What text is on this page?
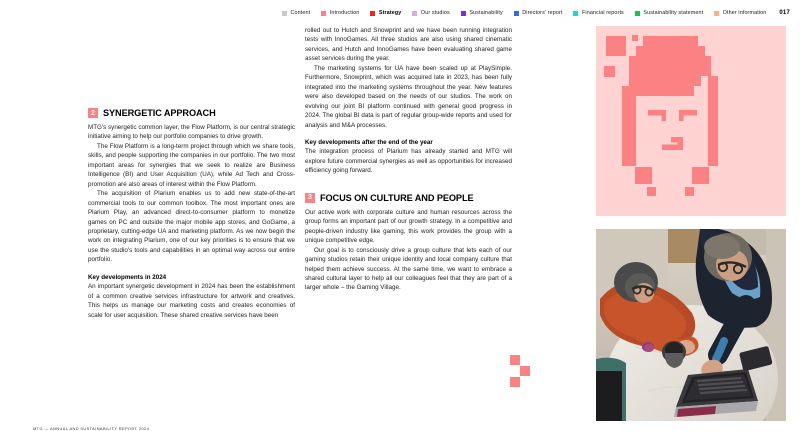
Content	Introduction	Strategy	Our studios	Sustainability	Directors' report	Financial reports	Sustainability statement	Other information 017
2 SYNERGETIC APPROACH

MTG's synergetic common layer, the Flow Platform, is our central strategic initiative aiming to help our portfolio companies to drive growth.

The Flow Platform is a long-term project through which we share tools, skills, and people supporting the companies in our portfolio. The two most important areas for synergies that we seek to realize are Business Intelligence (BI) and User Acquisition (UA), while Ad Tech and Cross-promotion are also areas of interest within the Flow Platform.

The acquisition of Plarium enables us to add new state-of-the-art commercial tools to our common toolbox. The most important ones are Plarium Play, an advanced direct-to-consumer platform to monetize games on PC and outside the major mobile app stores, and GoGame, a proprietary, cutting-edge UA and marketing platform. As we now begin the work on integrating Plarium, one of our key priorities is to ensure that we use the studio's tools and capabilities in an optimal way across our entire portfolio.

Key developments in 2024

An important synergetic development in 2024 has been the establishment of a common creative services infrastructure for artwork and creatives. This helps us manage our marketing costs and creates economies of scale for user acquisition. These shared creative services have been

rolled out to Hutch and Snowprint and we have been running integration tests with InnoGames. All three studios are also using shared cinematic services, and Hutch and InnoGames have been evaluating shared game asset services during the year.

The marketing systems for UA have been scaled up at PlaySimple. Furthermore, Snowprint, which was acquired late in 2023, has been fully integrated into the marketing systems throughout the year. New features were also developed based on the needs of our studios. The work on evolving our joint BI platform continued with general good progress in 2024. The global BI data is part of regular group-wide reports and used for analysis and M&A processes.

Key developments after the end of the year

The integration process of Plarium has already started and MTG will explore future commercial synergies as well as opportunities for increased efficiency going forward.

3 FOCUS ON CULTURE AND PEOPLE

Our active work with corporate culture and human resources across the group forms an important part of our growth strategy. In a competitive and people-driven industry like gaming, this work provides the group with a unique competitive edge.

Our goal is to consciously drive a group culture that lets each of our gaming studios retain their unique identity and local company culture that helped them achieve success. At the same time, we want to embrace a shared cultural layer to help all our colleagues feel that they are part of a larger whole – the Gaming Village.

MTG — ANNUAL AND SUSTAINABILITY REPORT 2024
